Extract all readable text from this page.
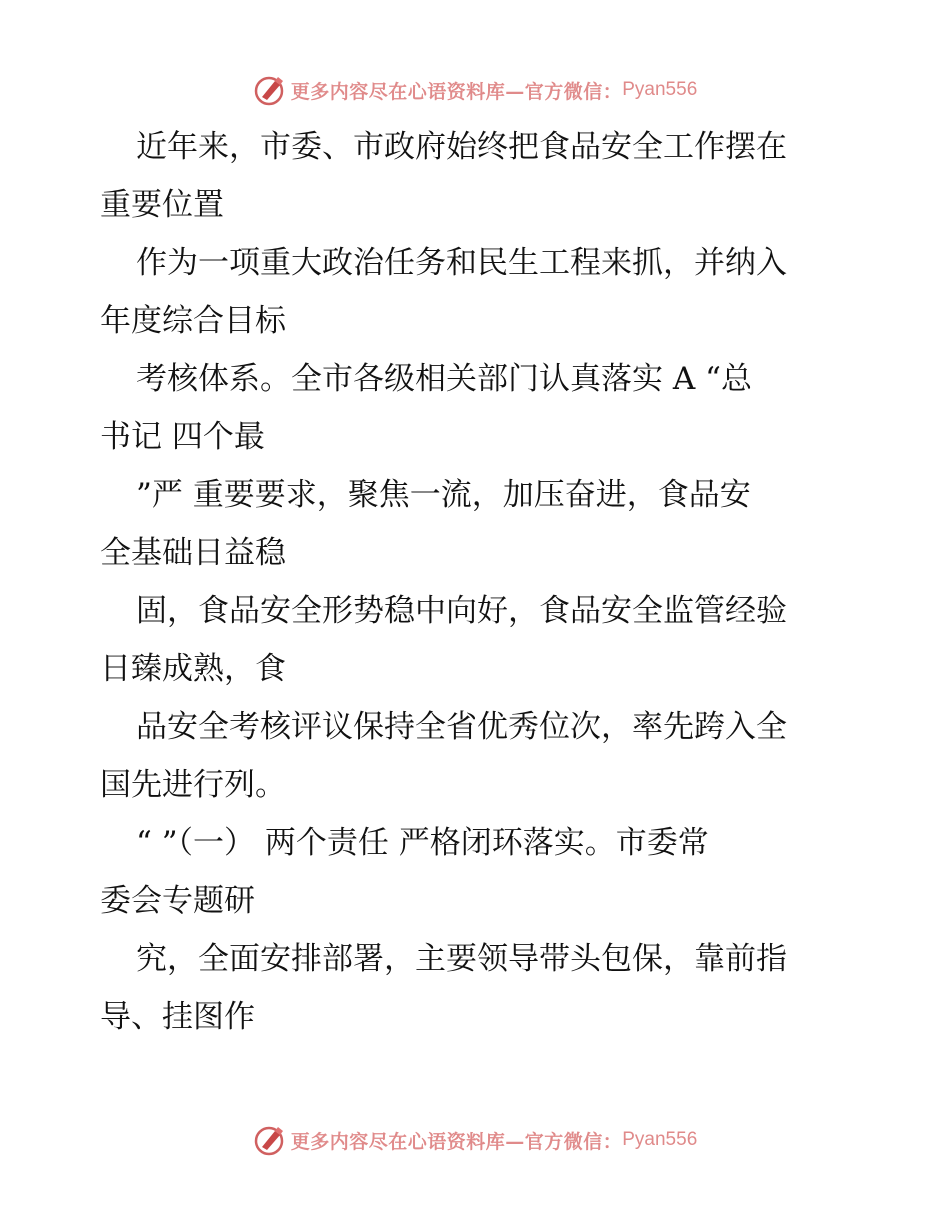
更多内容尽在心语资料库—官方微信： Pyan556

近年来，市委、市政府始终把食品安全工作摆在
重要位置

作为一项重大政治任务和民生工程来抓，并纳入
年度综合目标

考核体系。全市各级相关部门认真落实 A “总
书记 四个最

”严 重要要求，聚焦一流，加压奋进，食品安
全基础日益稳

固，食品安全形势稳中向好，食品安全监管经验
日臻成熟，食

品安全考核评议保持全省优秀位次，率先跨入全
国先进行列。

“ ”（一） 两个责任 严格闭环落实。市委常
委会专题研

究，全面安排部署，主要领导带头包保，靠前指
导、挂图作

更多内容尽在心语资料库—官方微信： Pyan556
